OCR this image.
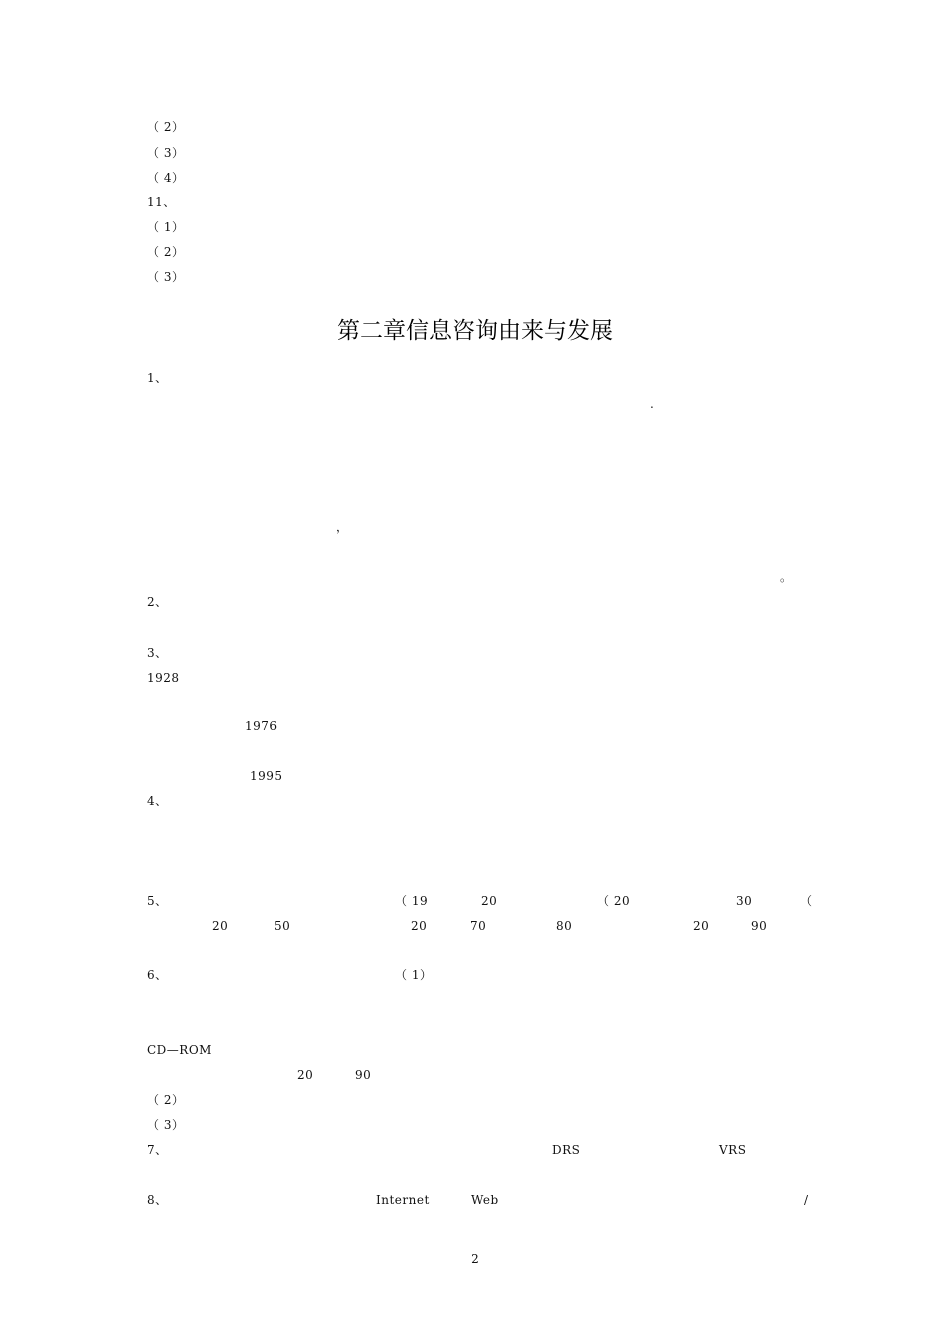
（ 2）
（ 3）
（ 4）
11、
（ 1）
（ 2）
（ 3）
1、
.
，
。
2、
3、
1928
1976
1995
4、
5、	（ 19	20	（ 20	30	（
20	50	20	70	80	20	90
6、	（ 1）
CD—ROM
20	90
（ 2）
（ 3）
7、	DRS	VRS
8、	Internet	Web	/
第二章信息咨询由来与发展
2
